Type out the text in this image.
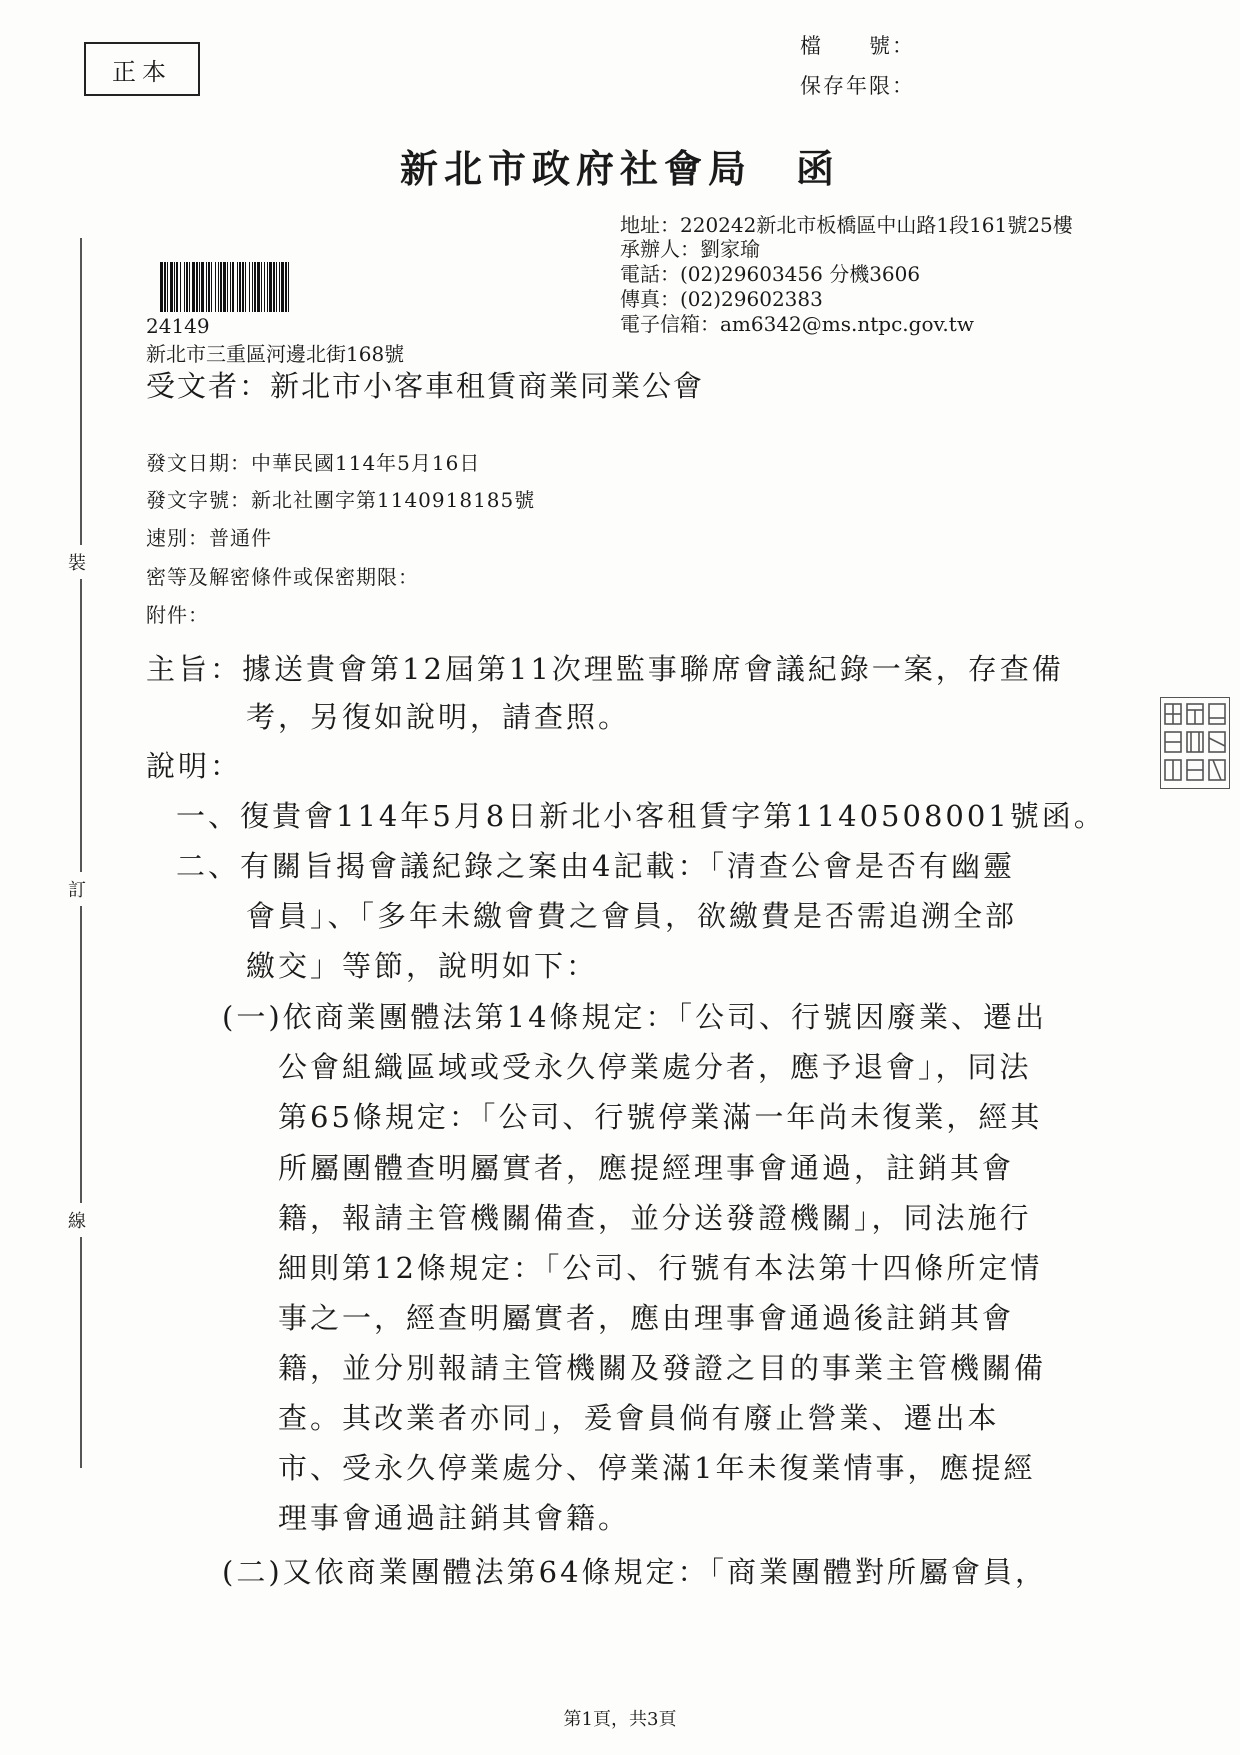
正本
檔　　號：
保存年限：
新北市政府社會局　函
地址：220242新北市板橋區中山路1段161號25樓
承辦人：劉家瑜
電話：(02)29603456 分機3606
傳真：(02)29602383
電子信箱：am6342@ms.ntpc.gov.tw
24149
新北市三重區河邊北街168號
受文者：新北市小客車租賃商業同業公會
發文日期：中華民國114年5月16日
發文字號：新北社團字第1140918185號
速別：普通件
密等及解密條件或保密期限：
附件：
裝
訂
線
主旨：據送貴會第12屆第11次理監事聯席會議紀錄一案，存查備
考，另復如說明，請查照。
說明：
一、復貴會114年5月8日新北小客租賃字第1140508001號函。
二、有關旨揭會議紀錄之案由4記載：「清查公會是否有幽靈
會員」、「多年未繳會費之會員，欲繳費是否需追溯全部
繳交」等節，說明如下：
(一)依商業團體法第14條規定：「公司、行號因廢業、遷出
公會組織區域或受永久停業處分者，應予退會」，同法
第65條規定：「公司、行號停業滿一年尚未復業，經其
所屬團體查明屬實者，應提經理事會通過，註銷其會
籍，報請主管機關備查，並分送發證機關」，同法施行
細則第12條規定：「公司、行號有本法第十四條所定情
事之一，經查明屬實者，應由理事會通過後註銷其會
籍，並分別報請主管機關及發證之目的事業主管機關備
查。其改業者亦同」，爰會員倘有廢止營業、遷出本
市、受永久停業處分、停業滿1年未復業情事，應提經
理事會通過註銷其會籍。
(二)又依商業團體法第64條規定：「商業團體對所屬會員，
第1頁，共3頁
